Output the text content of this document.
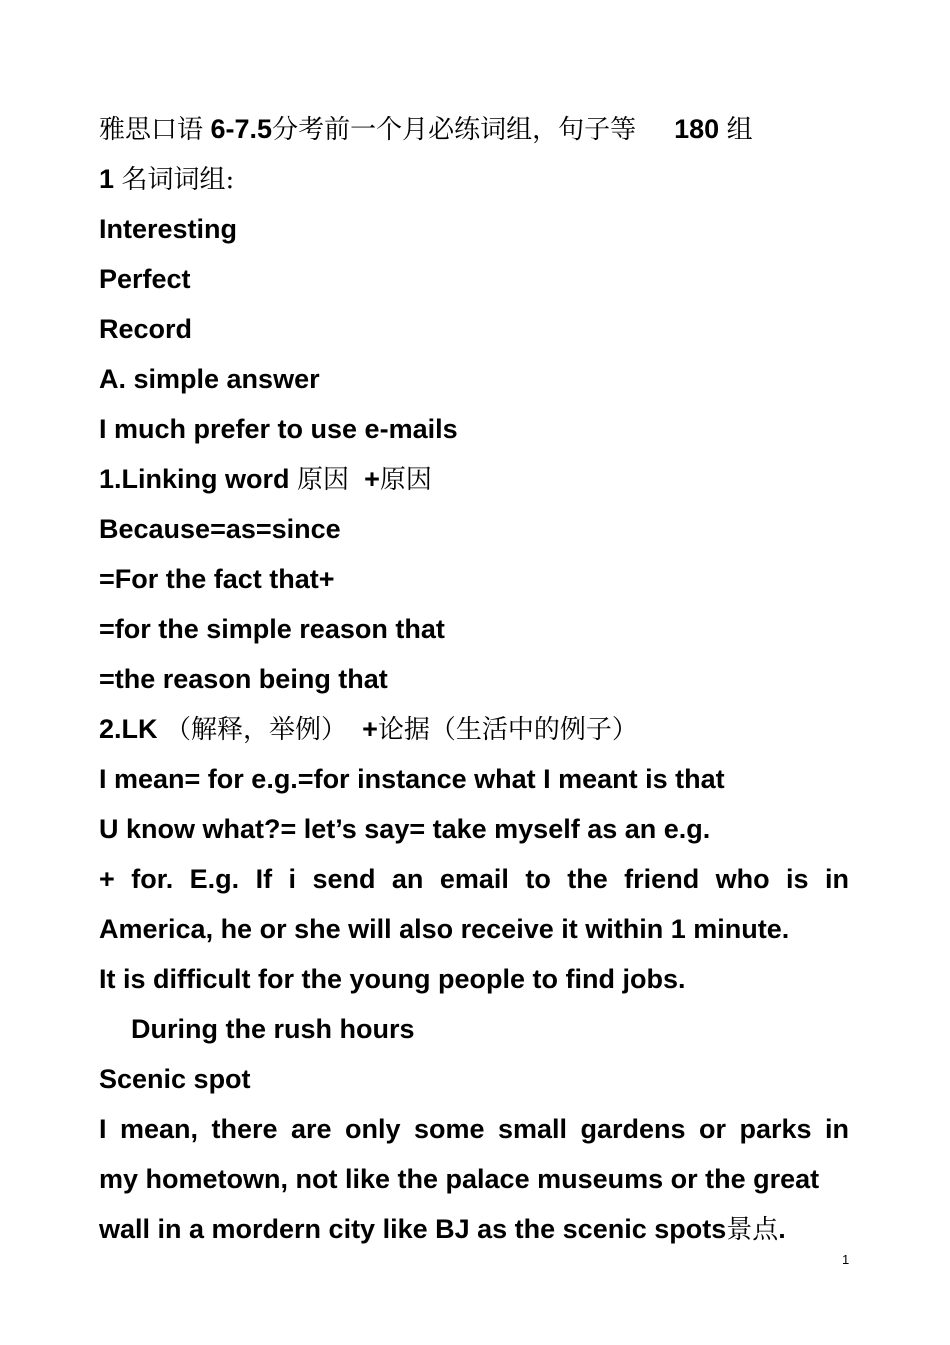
雅思口语 6-7.5分考前一个月必练词组，句子等 180 组
1 名词词组:
Interesting
Perfect
Record
A. simple answer
I much prefer to use e-mails
1.Linking word 原因 +原因
Because=as=since
=For the fact that+
=for the simple reason that
=the reason being that
2.LK （解释，举例） +论据（生活中的例子）
I mean= for e.g.=for instance what I meant is that
U know what?= let’s say= take myself as an e.g.
+ for. E.g. If i send an email to the friend who is in
America, he or she will also receive it within 1 minute.
It is difficult for the young people to find jobs.
During the rush hours
Scenic spot
I mean, there are only some small gardens or parks in
my hometown, not like the palace museums or the great
wall in a mordern city like BJ as the scenic spots景点.
1
